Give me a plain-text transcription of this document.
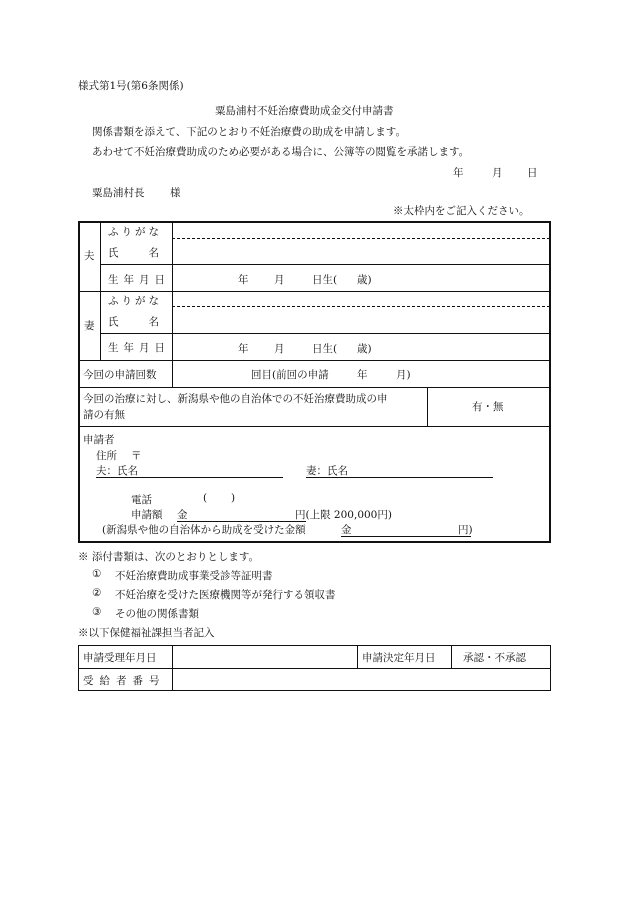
様式第1号(第6条関係)
粟島浦村不妊治療費助成金交付申請書
関係書類を添えて、下記のとおり不妊治療費の助成を申請します。
あわせて不妊治療費助成のため必要がある場合に、公簿等の閲覧を承諾します。
年	月 日
粟島浦村長 様
※太枠内をご記入ください。
夫
ふりがな
氏名
生年月日	年 月	日生( 歳)
妻
ふりがな
氏名
生年月日	年 月	日生( 歳)
今回の申請回数	回目(前回の申請	年	月)
今回の治療に対し、新潟県や他の自治体での不妊治療費助成の申
請の有無
有・無
申請者
住所 〒
夫：氏名	妻：氏名
電話	( )
申請額 金	円(上限 200,000円)
(新潟県や他の自治体から助成を受けた金額	金	円)
※ 添付書類は、次のとおりとします。
① 不妊治療費助成事業受診等証明書
② 不妊治療を受けた医療機関等が発行する領収書
③ その他の関係書類
※以下保健福祉課担当者記入
申請受理年月日	申請決定年月日	承認・不承認
受給者番号
